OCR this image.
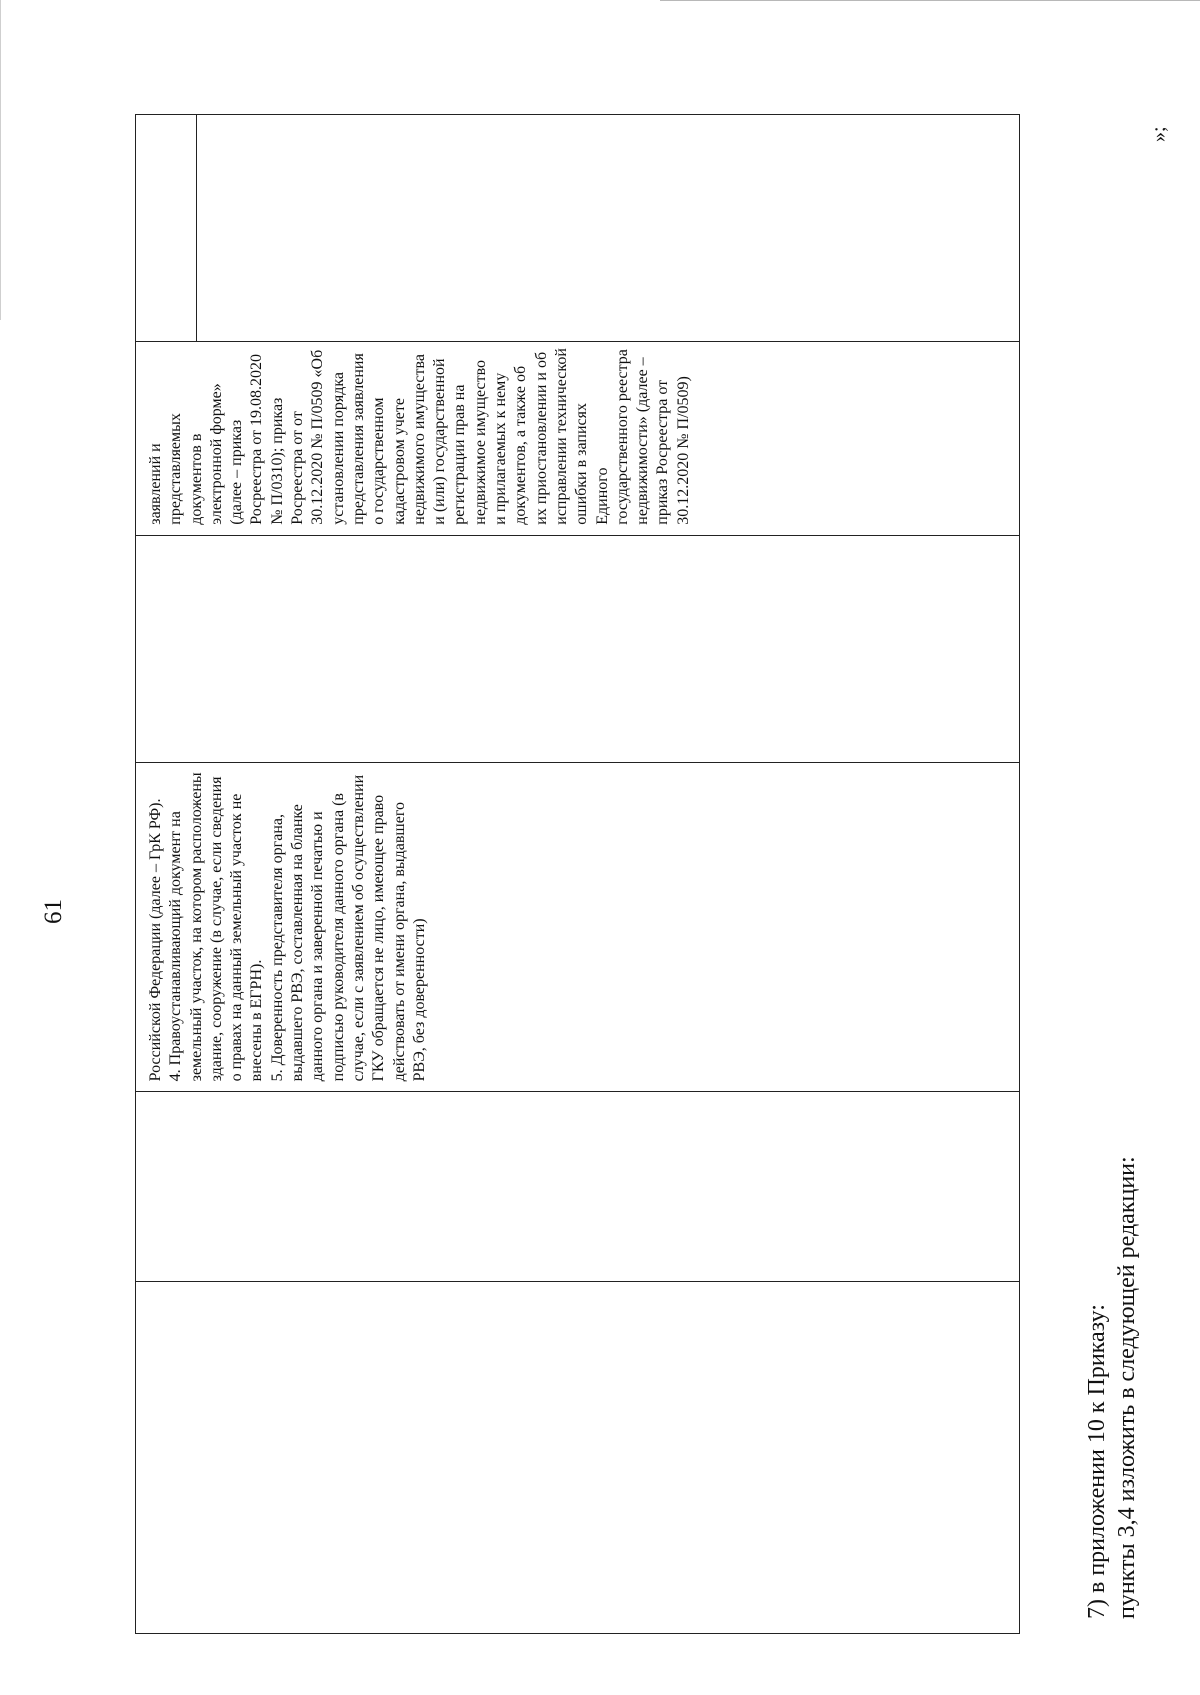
61
Российской Федерации (далее – ГрК РФ).
4. Правоустанавливающий документ на земельный участок, на котором расположены здание, сооружение (в случае, если сведения о правах на данный земельный участок не внесены в ЕГРН).
5. Доверенность представителя органа, выдавшего РВЭ, составленная на бланке данного органа и заверенной печатью и подписью руководителя данного органа (в случае, если с заявлением об осуществлении ГКУ обращается не лицо, имеющее право действовать от имени органа, выдавшего РВЭ, без доверенности)
заявлений и представляемых документов в электронной форме» (далее – приказ Росреестра от 19.08.2020 № П/0310); приказ Росреестра от от 30.12.2020 № П/0509 «Об установлении порядка представления заявления о государственном кадастровом учете недвижимого имущества и (или) государственной регистрации прав на недвижимое имущество и прилагаемых к нему документов, а также об их приостановлении и об исправлении технической ошибки в записях Единого государственного реестра недвижимости» (далее – приказ Росреестра от 30.12.2020 № П/0509)
7) в приложении 10 к Приказу: пункты 3,4 изложить в следующей редакции:
»;
